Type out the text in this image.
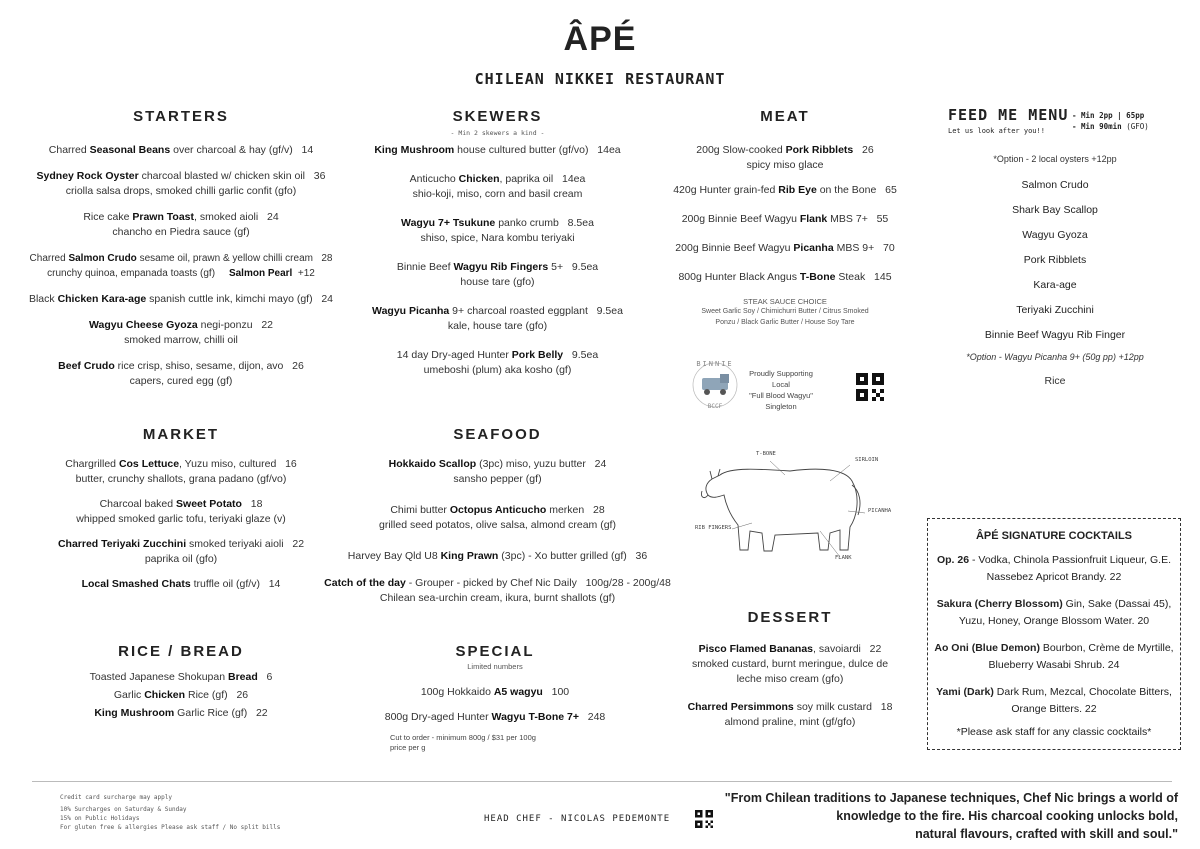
ÂPÉ
CHILEAN NIKKEI RESTAURANT
STARTERS
Charred Seasonal Beans over charcoal & hay (gf/v) 14
Sydney Rock Oyster charcoal blasted w/ chicken skin oil 36
criolla salsa drops, smoked chilli garlic confit (gfo)
Rice cake Prawn Toast, smoked aioli 24
chancho en Piedra sauce (gf)
Charred Salmon Crudo sesame oil, prawn & yellow chilli cream 28
crunchy quinoa, empanada toasts (gf) Salmon Pearl +12
Black Chicken Kara-age spanish cuttle ink, kimchi mayo (gf) 24
Wagyu Cheese Gyoza negi-ponzu 22
smoked marrow, chilli oil
Beef Crudo rice crisp, shiso, sesame, dijon, avo 26
capers, cured egg (gf)
SKEWERS
- Min 2 skewers a kind -
King Mushroom house cultured butter (gf/vo) 14ea
Anticucho Chicken, paprika oil 14ea
shio-koji, miso, corn and basil cream
Wagyu 7+ Tsukune panko crumb 8.5ea
shiso, spice, Nara kombu teriyaki
Binnie Beef Wagyu Rib Fingers 5+ 9.5ea
house tare (gfo)
Wagyu Picanha 9+ charcoal roasted eggplant 9.5ea
kale, house tare (gfo)
14 day Dry-aged Hunter Pork Belly 9.5ea
umeboshi (plum) aka kosho (gf)
MEAT
200g Slow-cooked Pork Ribblets 26
spicy miso glace
420g Hunter grain-fed Rib Eye on the Bone 65
200g Binnie Beef Wagyu Flank MBS 7+ 55
200g Binnie Beef Wagyu Picanha MBS 9+ 70
800g Hunter Black Angus T-Bone Steak 145
STEAK SAUCE CHOICE
Sweet Garlic Soy / Chimichurri Butter / Citrus Smoked
Ponzu / Black Garlic Butter / House Soy Tare
BINNIE
BCCF
Proudly Supporting Local
"Full Blood Wagyu"
Singleton
T-BONE
SIRLOIN
PICANHA
RIB FINGERS
FLANK
FEED ME MENU - Min 2pp | 65pp
- Min 90min (GFO)
Let us look after you!!
*Option - 2 local oysters +12pp
Salmon Crudo
Shark Bay Scallop
Wagyu Gyoza
Pork Ribblets
Kara-age
Teriyaki Zucchini
Binnie Beef Wagyu Rib Finger
*Option - Wagyu Picanha 9+ (50g pp) +12pp
Rice
MARKET
Chargrilled Cos Lettuce, Yuzu miso, cultured 16
butter, crunchy shallots, grana padano (gf/vo)
Charcoal baked Sweet Potato 18
whipped smoked garlic tofu, teriyaki glaze (v)
Charred Teriyaki Zucchini smoked teriyaki aioli 22
paprika oil (gfo)
Local Smashed Chats truffle oil (gf/v) 14
SEAFOOD
Hokkaido Scallop (3pc) miso, yuzu butter 24
sansho pepper (gf)
Chimi butter Octopus Anticucho merken 28
grilled seed potatos, olive salsa, almond cream (gf)
Harvey Bay Qld U8 King Prawn (3pc) - Xo butter grilled (gf) 36
Catch of the day - Grouper - picked by Chef Nic Daily 100g/28 - 200g/48
Chilean sea-urchin cream, ikura, burnt shallots (gf)
RICE / BREAD
Toasted Japanese Shokupan Bread 6
Garlic Chicken Rice (gf) 26
King Mushroom Garlic Rice (gf) 22
SPECIAL
Limited numbers
100g Hokkaido A5 wagyu 100
800g Dry-aged Hunter Wagyu T-Bone 7+ 248
Cut to order - minimum 800g / $31 per 100g
price per g
DESSERT
Pisco Flamed Bananas, savoiardi 22
smoked custard, burnt meringue, dulce de
leche miso cream (gfo)
Charred Persimmons soy milk custard 18
almond praline, mint (gf/gfo)
ÂPÉ SIGNATURE COCKTAILS
Op. 26 - Vodka, Chinola Passionfruit Liqueur, G.E.
Nassebez Apricot Brandy. 22
Sakura (Cherry Blossom) Gin, Sake (Dassai 45),
Yuzu, Honey, Orange Blossom Water. 20
Ao Oni (Blue Demon) Bourbon, Crème de Myrtille,
Blueberry Wasabi Shrub. 24
Yami (Dark) Dark Rum, Mezcal, Chocolate Bitters,
Orange Bitters. 22
*Please ask staff for any classic cocktails*
Credit card surcharge may apply
10% Surcharges on Saturday & Sunday
15% on Public Holidays
For gluten free & allergies Please ask staff / No split bills
HEAD CHEF - NICOLAS PEDEMONTE
"From Chilean traditions to Japanese techniques, Chef Nic brings a world of
knowledge to the fire. His charcoal cooking unlocks bold,
natural flavours, crafted with skill and soul."
